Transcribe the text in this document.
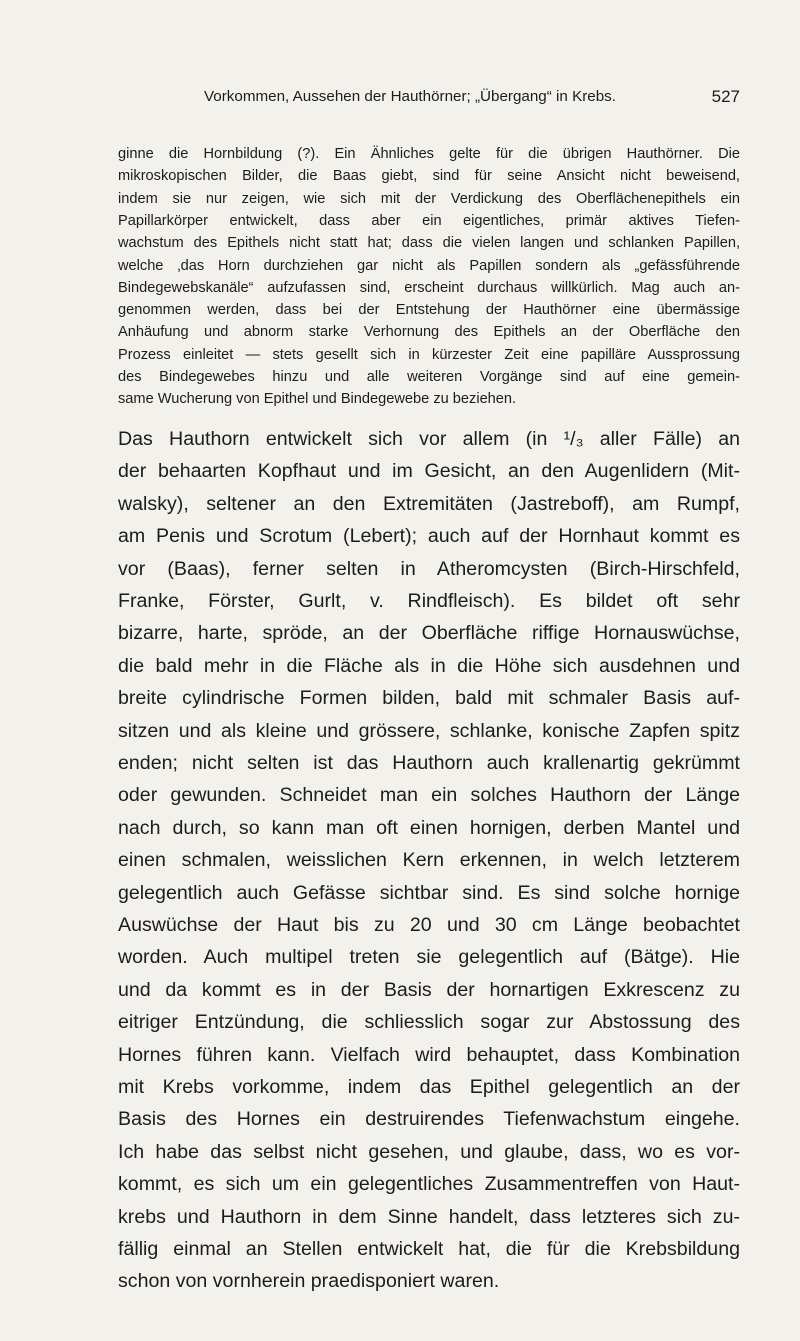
Vorkommen, Aussehen der Hauthörner; „Übergang“ in Krebs.	527
ginne die Hornbildung (?). Ein Ähnliches gelte für die übrigen Hauthörner. Die
mikroskopischen Bilder, die Baas giebt, sind für seine Ansicht nicht beweisend,
indem sie nur zeigen, wie sich mit der Verdickung des Oberflächenepithels ein
Papillarkörper entwickelt, dass aber ein eigentliches, primär aktives Tiefen-
wachstum des Epithels nicht statt hat; dass die vielen langen und schlanken Papillen,
welche ‚das Horn durchziehen gar nicht als Papillen sondern als „gefässführende
Bindegewebskanäle“ aufzufassen sind, erscheint durchaus willkürlich. Mag auch an-
genommen werden, dass bei der Entstehung der Hauthörner eine übermässige
Anhäufung und abnorm starke Verhornung des Epithels an der Oberfläche den
Prozess einleitet — stets gesellt sich in kürzester Zeit eine papilläre Aussprossung
des Bindegewebes hinzu und alle weiteren Vorgänge sind auf eine gemein-
same Wucherung von Epithel und Bindegewebe zu beziehen.
Das Hauthorn entwickelt sich vor allem (in ¹/₃ aller Fälle) an
der behaarten Kopfhaut und im Gesicht, an den Augenlidern (Mit-
walsky), seltener an den Extremitäten (Jastreboff), am Rumpf,
am Penis und Scrotum (Lebert); auch auf der Hornhaut kommt es
vor (Baas), ferner selten in Atheromcysten (Birch-Hirschfeld,
Franke, Förster, Gurlt, v. Rindfleisch). Es bildet oft sehr
bizarre, harte, spröde, an der Oberfläche riffige Hornauswüchse,
die bald mehr in die Fläche als in die Höhe sich ausdehnen und
breite cylindrische Formen bilden, bald mit schmaler Basis auf-
sitzen und als kleine und grössere, schlanke, konische Zapfen spitz
enden; nicht selten ist das Hauthorn auch krallenartig gekrümmt
oder gewunden. Schneidet man ein solches Hauthorn der Länge
nach durch, so kann man oft einen hornigen, derben Mantel und
einen schmalen, weisslichen Kern erkennen, in welch letzterem
gelegentlich auch Gefässe sichtbar sind. Es sind solche hornige
Auswüchse der Haut bis zu 20 und 30 cm Länge beobachtet
worden. Auch multipel treten sie gelegentlich auf (Bätge). Hie
und da kommt es in der Basis der hornartigen Exkrescenz zu
eitriger Entzündung, die schliesslich sogar zur Abstossung des
Hornes führen kann. Vielfach wird behauptet, dass Kombination
mit Krebs vorkomme, indem das Epithel gelegentlich an der
Basis des Hornes ein destruirendes Tiefenwachstum eingehe.
Ich habe das selbst nicht gesehen, und glaube, dass, wo es vor-
kommt, es sich um ein gelegentliches Zusammentreffen von Haut-
krebs und Hauthorn in dem Sinne handelt, dass letzteres sich zu-
fällig einmal an Stellen entwickelt hat, die für die Krebsbildung
schon von vornherein praedisponiert waren.
